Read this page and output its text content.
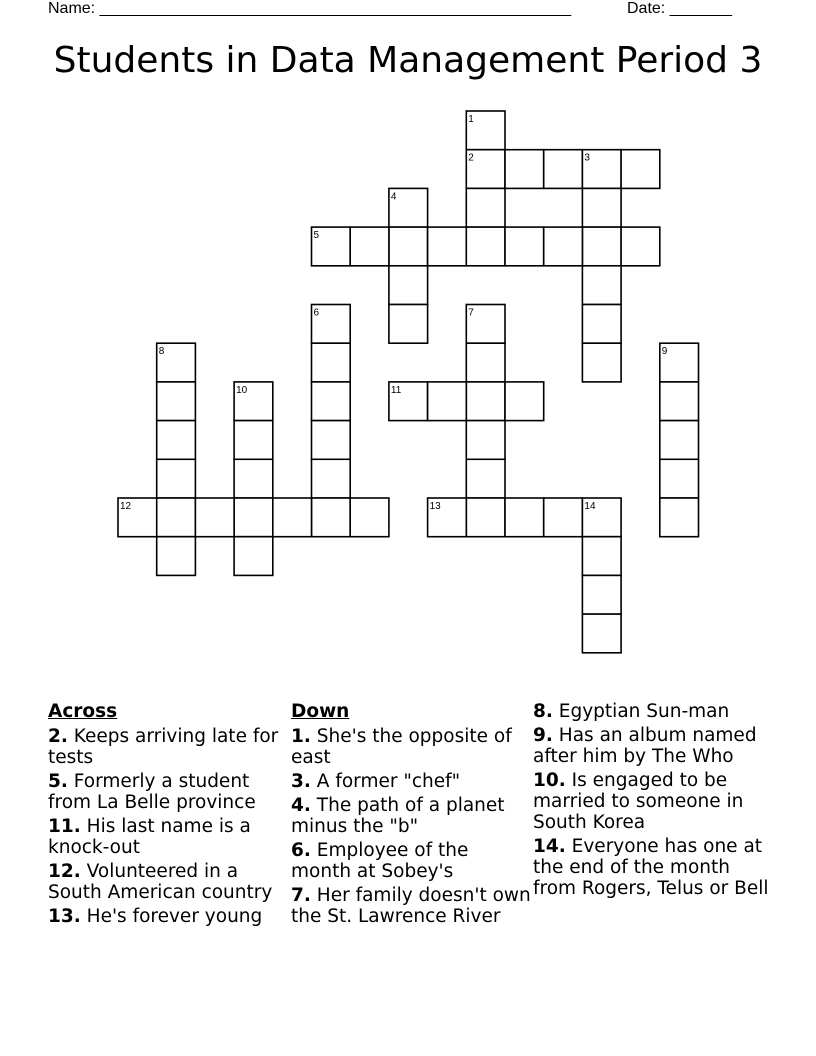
Name: _____________________________________________________	Date: _______
Students in Data Management Period 3
1
2	3
4
5
6	7
8	9
10	11
12	13	14
Across
2. Keeps arriving late for tests
5. Formerly a student from La Belle province
11. His last name is a knock-out
12. Volunteered in a South American country
13. He's forever young
Down
1. She's the opposite of east
3. A former "chef"
4. The path of a planet minus the "b"
6. Employee of the month at Sobey's
7. Her family doesn't own the St. Lawrence River
8. Egyptian Sun-man
9. Has an album named after him by The Who
10. Is engaged to be married to someone in South Korea
14. Everyone has one at the end of the month from Rogers, Telus or Bell
